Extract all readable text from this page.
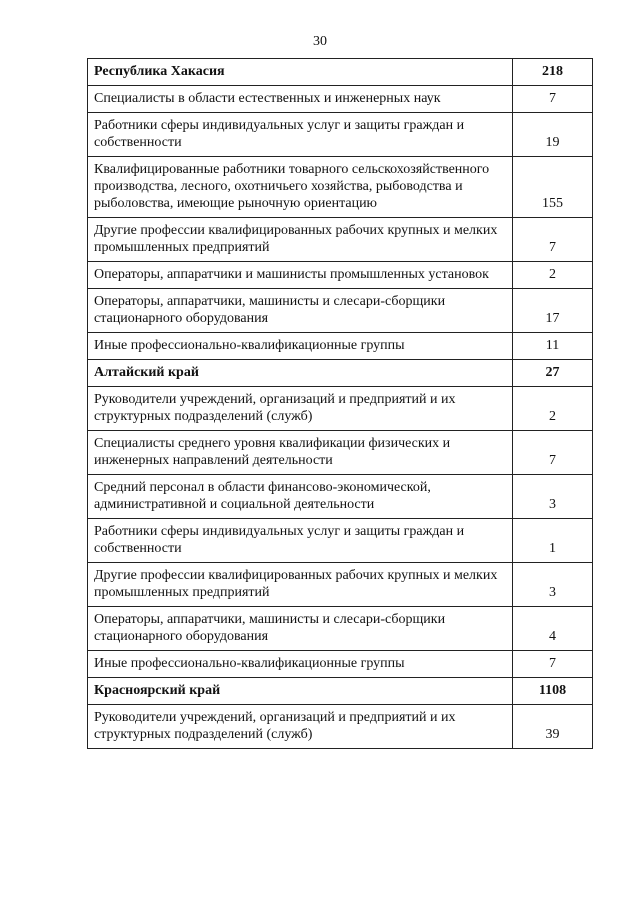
30
Республика Хакасия	218
Специалисты в области естественных и инженерных наук	7
Работники сферы индивидуальных услуг и защиты граждан и собственности	19
Квалифицированные работники товарного сельскохозяйственного производства, лесного, охотничьего хозяйства, рыбоводства и рыболовства, имеющие рыночную ориентацию	155
Другие профессии квалифицированных рабочих крупных и мелких промышленных предприятий	7
Операторы, аппаратчики и машинисты промышленных установок	2
Операторы, аппаратчики, машинисты и слесари-сборщики стационарного оборудования	17
Иные профессионально-квалификационные группы	11
Алтайский край	27
Руководители учреждений, организаций и предприятий и их структурных подразделений (служб)	2
Специалисты среднего уровня квалификации физических и инженерных направлений деятельности	7
Средний персонал в области финансово-экономической, административной и социальной деятельности	3
Работники сферы индивидуальных услуг и защиты граждан и собственности	1
Другие профессии квалифицированных рабочих крупных и мелких промышленных предприятий	3
Операторы, аппаратчики, машинисты и слесари-сборщики стационарного оборудования	4
Иные профессионально-квалификационные группы	7
Красноярский край	1108
Руководители учреждений, организаций и предприятий и их структурных подразделений (служб)	39
